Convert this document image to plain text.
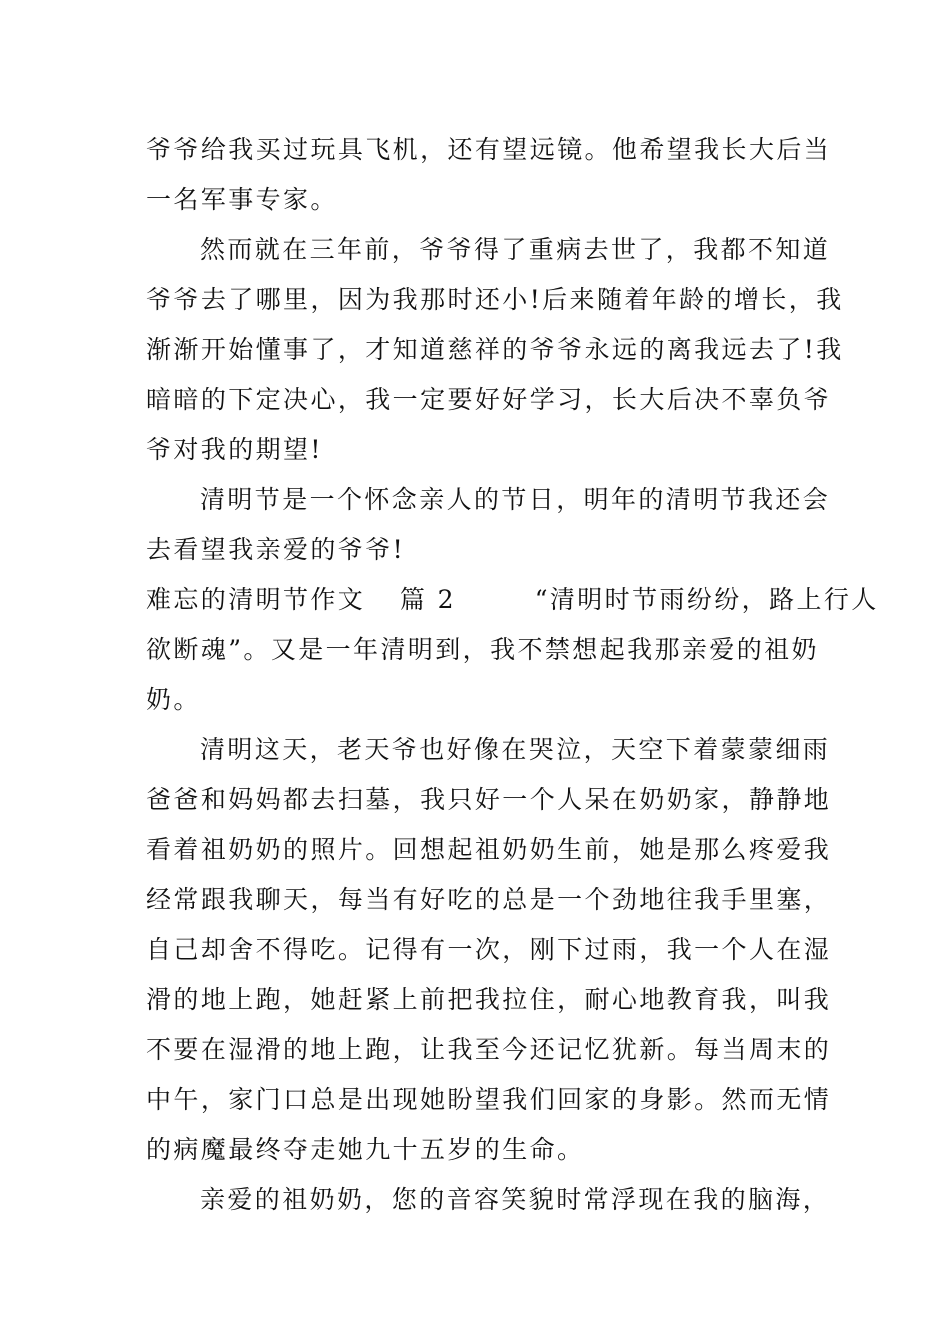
爷 爷 给 我 买 过 玩 具 飞 机 ， 还 有 望 远 镜 。 他 希 望 我 长 大 后 当
一名军事专家。
然而就在三年前，爷爷得了重病去世了，我都不知道
爷 爷 去 了 哪 里 ， 因 为 我 那 时 还 小 ! 后 来 随 着 年 龄 的 增 长 ， 我
渐 渐 开 始 懂 事 了 ， 才 知 道 慈 祥 的 爷 爷 永 远 的 离 我 远 去 了 ! 我
暗 暗 的 下 定 决 心 ， 我 一 定 要 好 好 学 习 ， 长 大 后 决 不 辜 负 爷
爷对我的期望!
清明节是一个怀念亲人的节日，明年的清明节我还会
去看望我亲爱的爷爷!
难忘的清明节作文 篇 2	“清明时节雨纷纷，路上行人
欲 断 魂 ” 。 又 是 一 年 清 明 到 ， 我 不 禁 想 起 我 那 亲 爱 的 祖 奶
奶。
清明这天，老天爷也好像在哭泣，天空下着蒙蒙细雨
爸 爸 和 妈 妈 都 去 扫 墓 ， 我 只 好 一 个 人 呆 在 奶 奶 家 ， 静 静 地
看 着 祖 奶 奶 的 照 片 。 回 想 起 祖 奶 奶 生 前 ， 她 是 那 么 疼 爱 我
经 常 跟 我 聊 天 ， 每 当 有 好 吃 的 总 是 一 个 劲 地 往 我 手 里 塞 ，
自 己 却 舍 不 得 吃 。 记 得 有 一 次 ， 刚 下 过 雨 ， 我 一 个 人 在 湿
滑 的 地 上 跑 ， 她 赶 紧 上 前 把 我 拉 住 ， 耐 心 地 教 育 我 ， 叫 我
不 要 在 湿 滑 的 地 上 跑 ， 让 我 至 今 还 记 忆 犹 新 。 每 当 周 末 的
中 午 ， 家 门 口 总 是 出 现 她 盼 望 我 们 回 家 的 身 影 。 然 而 无 情
的病魔最终夺走她九十五岁的生命。
亲爱的祖奶奶，您的音容笑貌时常浮现在我的脑海，
